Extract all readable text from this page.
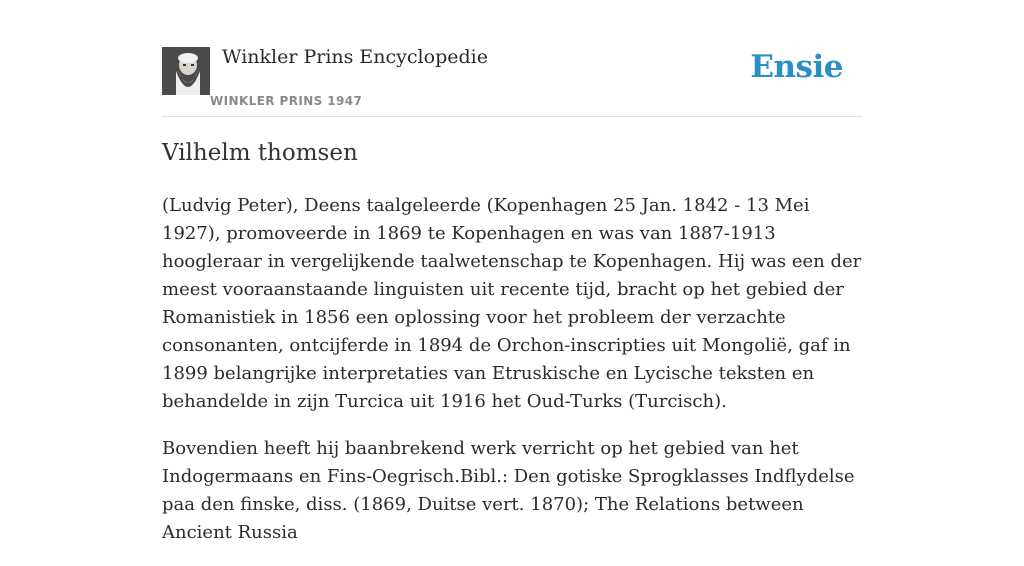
Winkler Prins Encyclopedie
WINKLER PRINS 1947
Ensie
Vilhelm thomsen

(Ludvig Peter), Deens taalgeleerde (Kopenhagen 25 Jan. 1842 - 13 Mei 1927), promoveerde in 1869 te Kopenhagen en was van 1887-1913 hoogleraar in vergelijkende taalwetenschap te Kopenhagen. Hij was een der meest vooraanstaande linguisten uit recente tijd, bracht op het gebied der Romanistiek in 1856 een oplossing voor het probleem der verzachte consonanten, ontcijferde in 1894 de Orchon-inscripties uit Mongolië, gaf in 1899 belangrijke interpretaties van Etruskische en Lycische teksten en behandelde in zijn Turcica uit 1916 het Oud-Turks (Turcisch).

Bovendien heeft hij baanbrekend werk verricht op het gebied van het Indogermaans en Fins-Oegrisch.Bibl.: Den gotiske Sprogklasses Indflydelse paa den finske, diss. (1869, Duitse vert. 1870); The Relations between Ancient Russia
